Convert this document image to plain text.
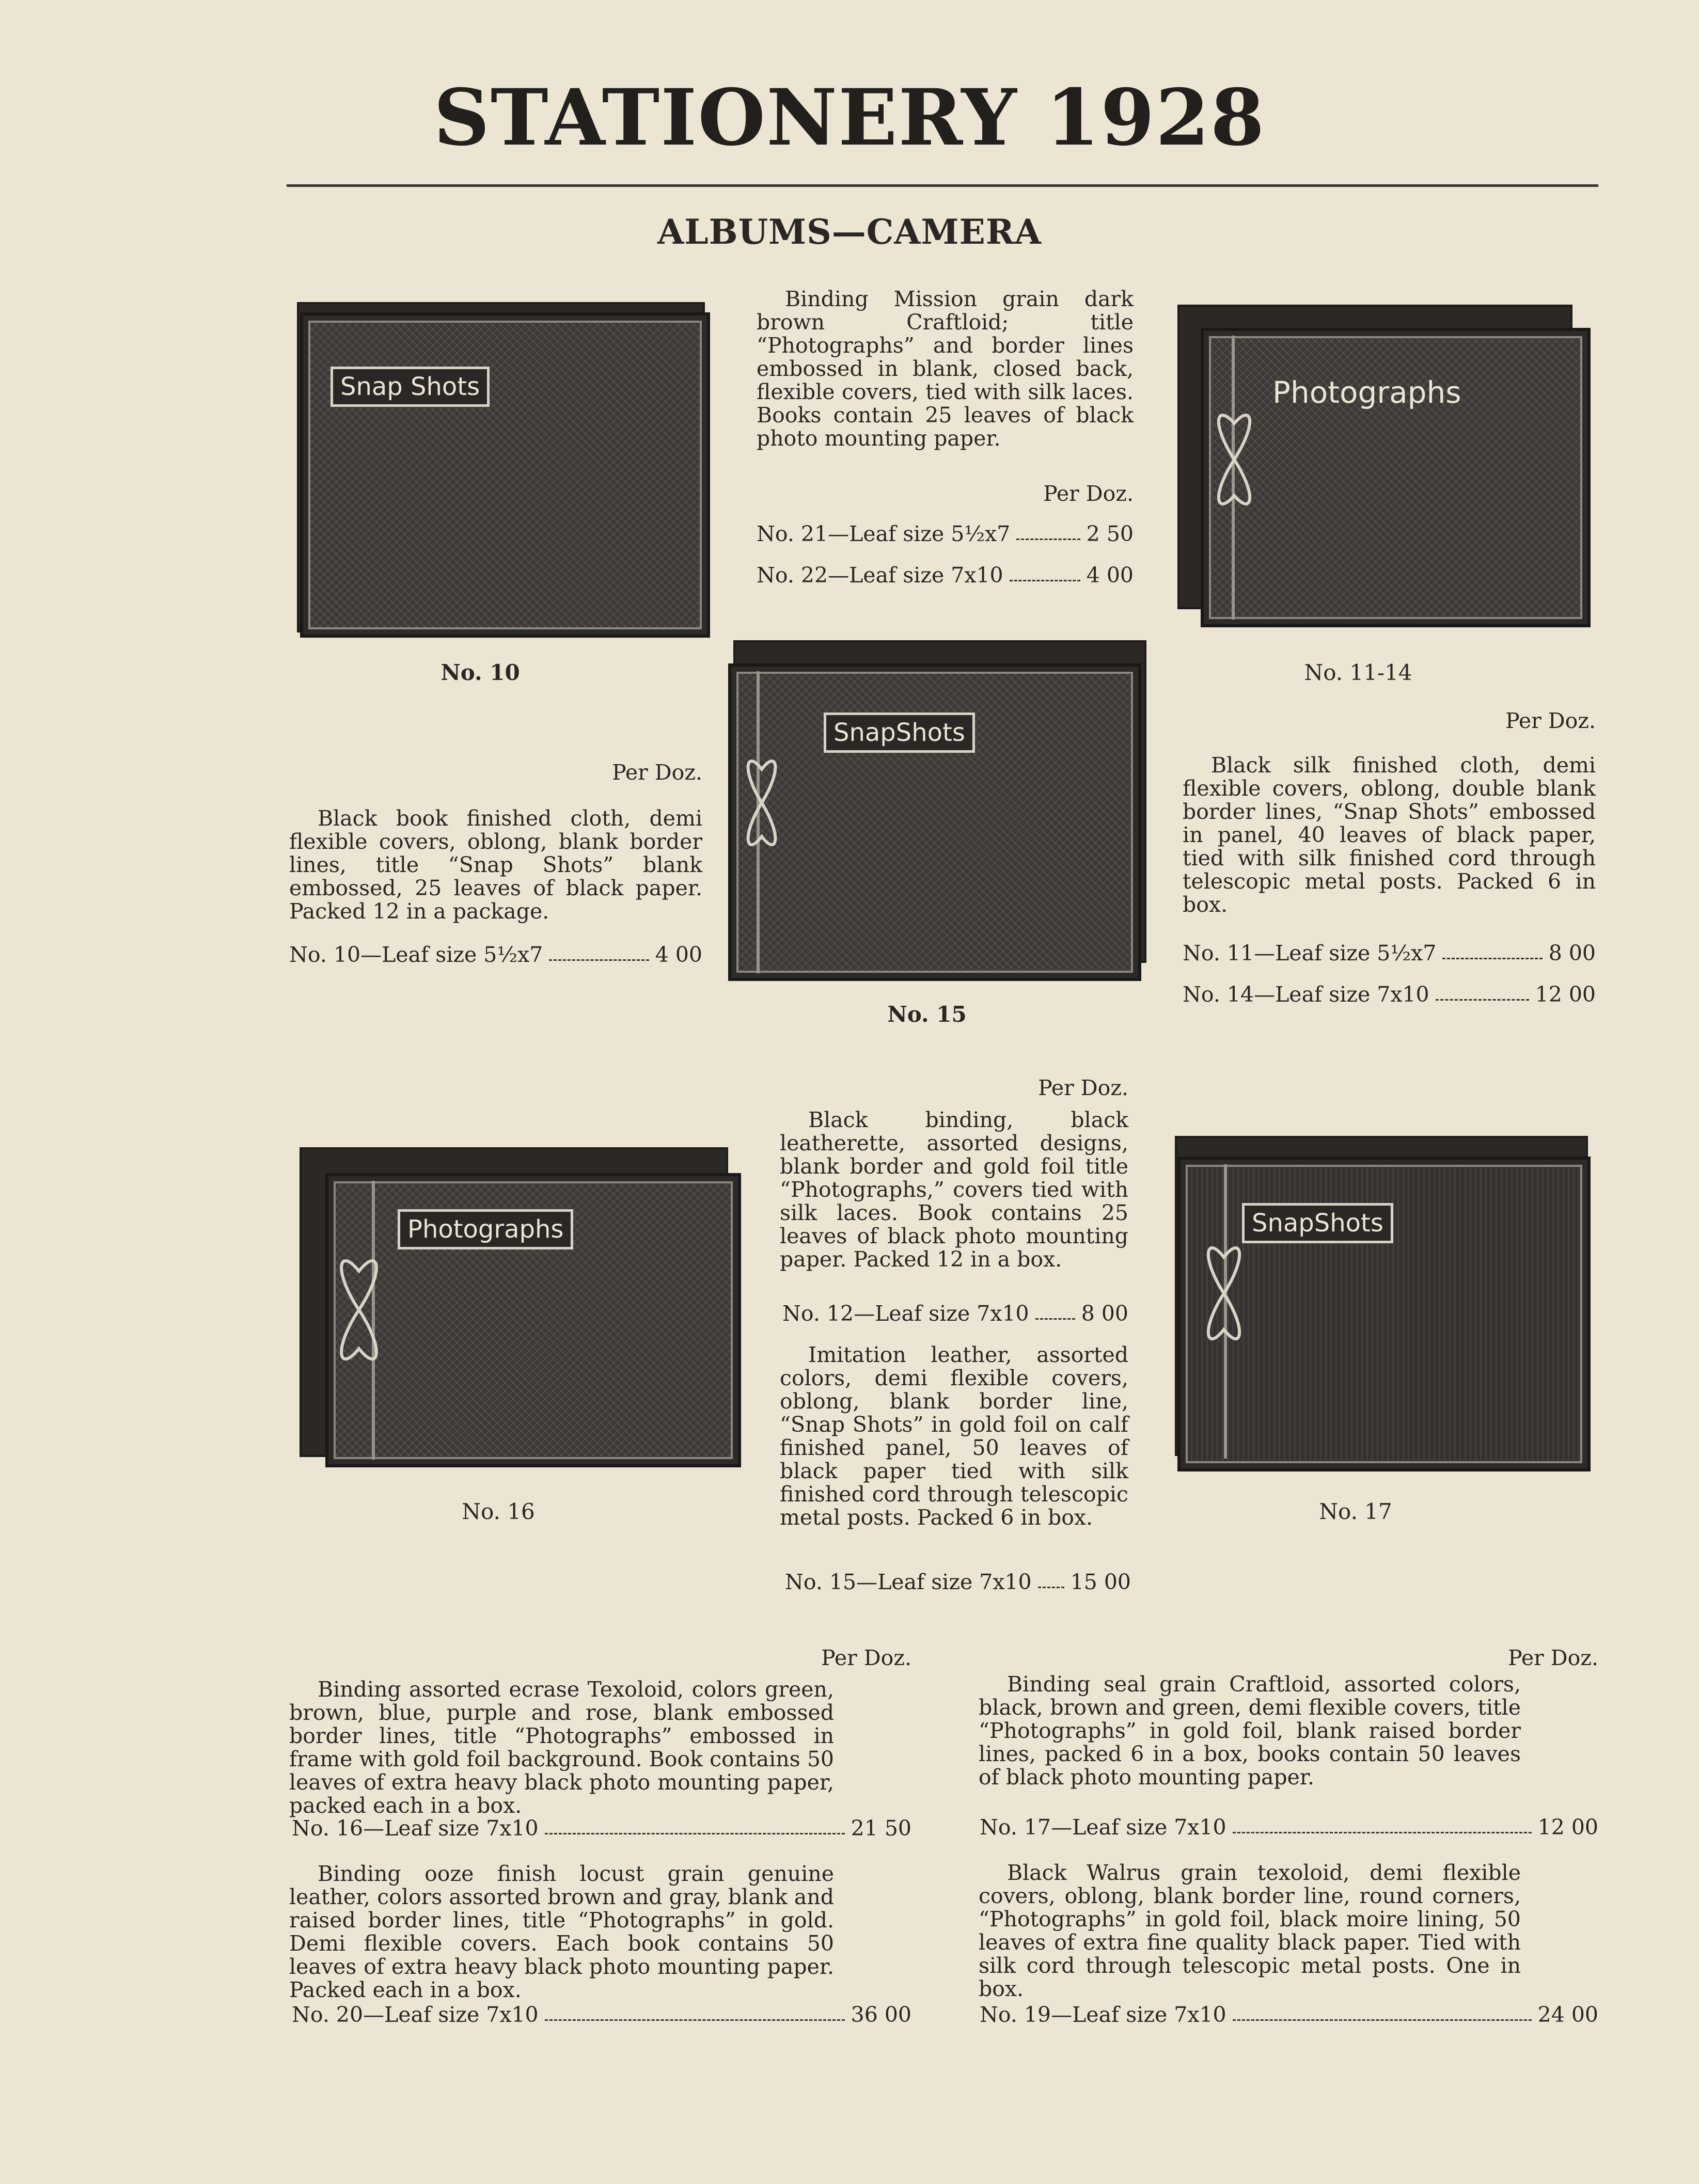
STATIONERY 1928
ALBUMS—CAMERA
Snap Shots
No. 10
Binding Mission grain dark brown Craftloid; title “Photographs” and border lines embossed in blank, closed back, flexible covers, tied with silk laces. Books contain 25 leaves of black photo mounting paper.
Per Doz.
No. 21—Leaf size 5½x7	2 50
No. 22—Leaf size 7x10	4 00
Photographs
No. 11-14
SnapShots
No. 15
Per Doz.
Black book finished cloth, demi flexible covers, oblong, blank border lines, title “Snap Shots” blank embossed, 25 leaves of black paper. Packed 12 in a package.
No. 10—Leaf size 5½x7	4 00
Per Doz.
Black silk finished cloth, demi flexible covers, oblong, double blank border lines, “Snap Shots” embossed in panel, 40 leaves of black paper, tied with silk finished cord through telescopic metal posts. Packed 6 in box.
No. 11—Leaf size 5½x7	8 00
No. 14—Leaf size 7x10	12 00
Per Doz.
Black binding, black leatherette, assorted designs, blank border and gold foil title “Photographs,” covers tied with silk laces. Book contains 25 leaves of black photo mounting paper. Packed 12 in a box.
No. 12—Leaf size 7x10 8 00
Imitation leather, assorted colors, demi flexible covers, oblong, blank border line, “Snap Shots” in gold foil on calf finished panel, 50 leaves of black paper tied with silk finished cord through telescopic metal posts. Packed 6 in box.
No. 15—Leaf size 7x10 15 00
Photographs
No. 16
SnapShots
No. 17
Per Doz.
Binding assorted ecrase Texoloid, colors green, brown, blue, purple and rose, blank embossed border lines, title “Photographs” embossed in frame with gold foil background. Book contains 50 leaves of extra heavy black photo mounting paper, packed each in a box.
No. 16—Leaf size 7x10	21 50
Binding ooze finish locust grain genuine leather, colors assorted brown and gray, blank and raised border lines, title “Photographs” in gold. Demi flexible covers. Each book contains 50 leaves of extra heavy black photo mounting paper. Packed each in a box.
No. 20—Leaf size 7x10	36 00
Per Doz.
Binding seal grain Craftloid, assorted colors, black, brown and green, demi flexible covers, title “Photographs” in gold foil, blank raised border lines, packed 6 in a box, books contain 50 leaves of black photo mounting paper.
No. 17—Leaf size 7x10	12 00
Black Walrus grain texoloid, demi flexible covers, oblong, blank border line, round corners, “Photographs” in gold foil, black moire lining, 50 leaves of extra fine quality black paper. Tied with silk cord through telescopic metal posts. One in box.
No. 19—Leaf size 7x10	24 00
